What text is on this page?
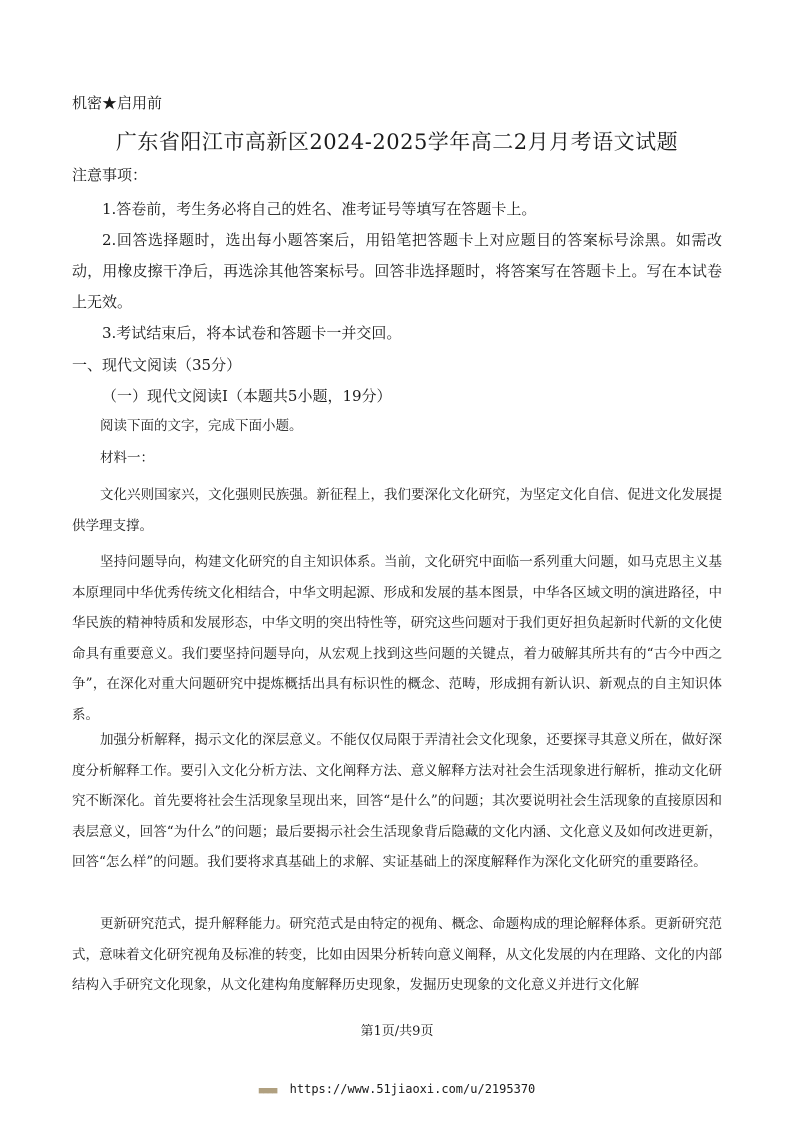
机密★启用前
广东省阳江市高新区2024-2025学年高二2月月考语文试题
注意事项：
1.答卷前，考生务必将自己的姓名、准考证号等填写在答题卡上。
2.回答选择题时，选出每小题答案后，用铅笔把答题卡上对应题目的答案标号涂黑。如需改动，用橡皮擦干净后，再选涂其他答案标号。回答非选择题时，将答案写在答题卡上。写在本试卷上无效。
3.考试结束后，将本试卷和答题卡一并交回。
一、现代文阅读（35分）
（一）现代文阅读Ⅰ（本题共5小题，19分）
阅读下面的文字，完成下面小题。
材料一：

文化兴则国家兴，文化强则民族强。新征程上，我们要深化文化研究，为坚定文化自信、促进文化发展提供学理支撑。

坚持问题导向，构建文化研究的自主知识体系。当前，文化研究中面临一系列重大问题，如马克思主义基本原理同中华优秀传统文化相结合，中华文明起源、形成和发展的基本图景，中华各区域文明的演进路径，中华民族的精神特质和发展形态，中华文明的突出特性等，研究这些问题对于我们更好担负起新时代新的文化使命具有重要意义。我们要坚持问题导向，从宏观上找到这些问题的关键点，着力破解其所共有的“古今中西之争”，在深化对重大问题研究中提炼概括出具有标识性的概念、范畴，形成拥有新认识、新观点的自主知识体系。

加强分析解释，揭示文化的深层意义。不能仅仅局限于弄清社会文化现象，还要探寻其意义所在，做好深度分析解释工作。要引入文化分析方法、文化阐释方法、意义解释方法对社会生活现象进行解析，推动文化研究不断深化。首先要将社会生活现象呈现出来，回答“是什么”的问题；其次要说明社会生活现象的直接原因和表层意义，回答“为什么”的问题；最后要揭示社会生活现象背后隐藏的文化内涵、文化意义及如何改进更新，回答“怎么样”的问题。我们要将求真基础上的求解、实证基础上的深度解释作为深化文化研究的重要路径。

更新研究范式，提升解释能力。研究范式是由特定的视角、概念、命题构成的理论解释体系。更新研究范式，意味着文化研究视角及标准的转变，比如由因果分析转向意义阐释，从文化发展的内在理路、文化的内部结构入手研究文化现象，从文化建构角度解释历史现象，发掘历史现象的文化意义并进行文化解

第1页/共9页
■■■■ https://www.51jiaoxi.com/u/2195370
